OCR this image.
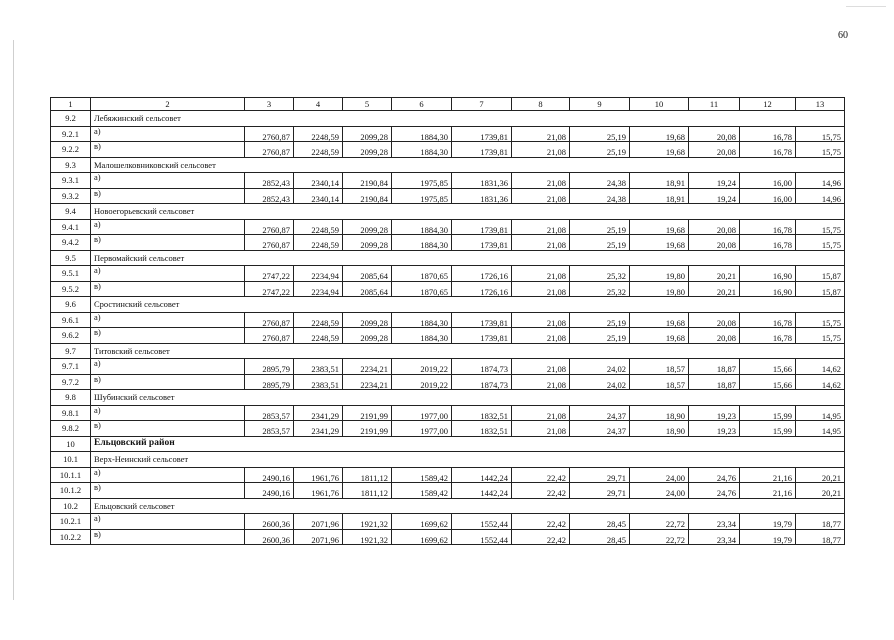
60
1	2	3	4	5	6	7	8	9	10	11	12	13
9.2	Лебяжинский сельсовет											
9.2.1	а)	2760,87	2248,59	2099,28	1884,30	1739,81	21,08	25,19	19,68	20,08	16,78	15,75
9.2.2	в)	2760,87	2248,59	2099,28	1884,30	1739,81	21,08	25,19	19,68	20,08	16,78	15,75
9.3	Малошелковниковский сельсовет											
9.3.1	а)	2852,43	2340,14	2190,84	1975,85	1831,36	21,08	24,38	18,91	19,24	16,00	14,96
9.3.2	в)	2852,43	2340,14	2190,84	1975,85	1831,36	21,08	24,38	18,91	19,24	16,00	14,96
9.4	Новоегорьевский сельсовет											
9.4.1	а)	2760,87	2248,59	2099,28	1884,30	1739,81	21,08	25,19	19,68	20,08	16,78	15,75
9.4.2	в)	2760,87	2248,59	2099,28	1884,30	1739,81	21,08	25,19	19,68	20,08	16,78	15,75
9.5	Первомайский сельсовет											
9.5.1	а)	2747,22	2234,94	2085,64	1870,65	1726,16	21,08	25,32	19,80	20,21	16,90	15,87
9.5.2	в)	2747,22	2234,94	2085,64	1870,65	1726,16	21,08	25,32	19,80	20,21	16,90	15,87
9.6	Сростинский сельсовет											
9.6.1	а)	2760,87	2248,59	2099,28	1884,30	1739,81	21,08	25,19	19,68	20,08	16,78	15,75
9.6.2	в)	2760,87	2248,59	2099,28	1884,30	1739,81	21,08	25,19	19,68	20,08	16,78	15,75
9.7	Титовский сельсовет											
9.7.1	а)	2895,79	2383,51	2234,21	2019,22	1874,73	21,08	24,02	18,57	18,87	15,66	14,62
9.7.2	в)	2895,79	2383,51	2234,21	2019,22	1874,73	21,08	24,02	18,57	18,87	15,66	14,62
9.8	Шубинский сельсовет											
9.8.1	а)	2853,57	2341,29	2191,99	1977,00	1832,51	21,08	24,37	18,90	19,23	15,99	14,95
9.8.2	в)	2853,57	2341,29	2191,99	1977,00	1832,51	21,08	24,37	18,90	19,23	15,99	14,95
10	Ельцовский район											
10.1	Верх-Неинский сельсовет											
10.1.1	а)	2490,16	1961,76	1811,12	1589,42	1442,24	22,42	29,71	24,00	24,76	21,16	20,21
10.1.2	в)	2490,16	1961,76	1811,12	1589,42	1442,24	22,42	29,71	24,00	24,76	21,16	20,21
10.2	Ельцовский сельсовет											
10.2.1	а)	2600,36	2071,96	1921,32	1699,62	1552,44	22,42	28,45	22,72	23,34	19,79	18,77
10.2.2	в)	2600,36	2071,96	1921,32	1699,62	1552,44	22,42	28,45	22,72	23,34	19,79	18,77
